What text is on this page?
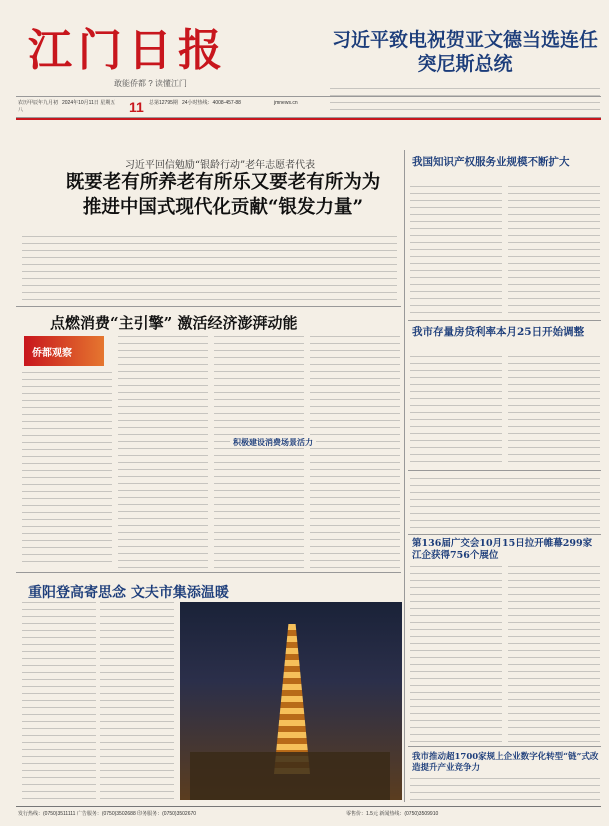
江门日报
敢能侨都 ? 读懂江门
习近平致电祝贺亚文德当选连任突尼斯总统
农历甲辰年九月初八
2024年10月11日 星期五 11 总第12795期 24小时热线：4008-457-88	jmnews.cn
习近平回信勉励“银龄行动”老年志愿者代表
既要老有所养老有所乐又要老有所为为推进中国式现代化贡献“银发力量”
点燃消费“主引擎” 激活经济澎湃动能
侨都观察
积极建设消费场景活力
重阳登高寄思念 文夫市集添温暖
我国知识产权服务业规模不断扩大
我市存量房贷利率本月25日开始调整
第136届广交会10月15日拉开帷幕299家江企获得756个展位
我市推动超1700家规上企业数字化转型“链”式改造提升产业竞争力
发行热线：(0750)3511111 广告服务：(0750)3502688 印务服务：(0750)3502670	零售价：1.5元 新闻热线：(0750)3509910
